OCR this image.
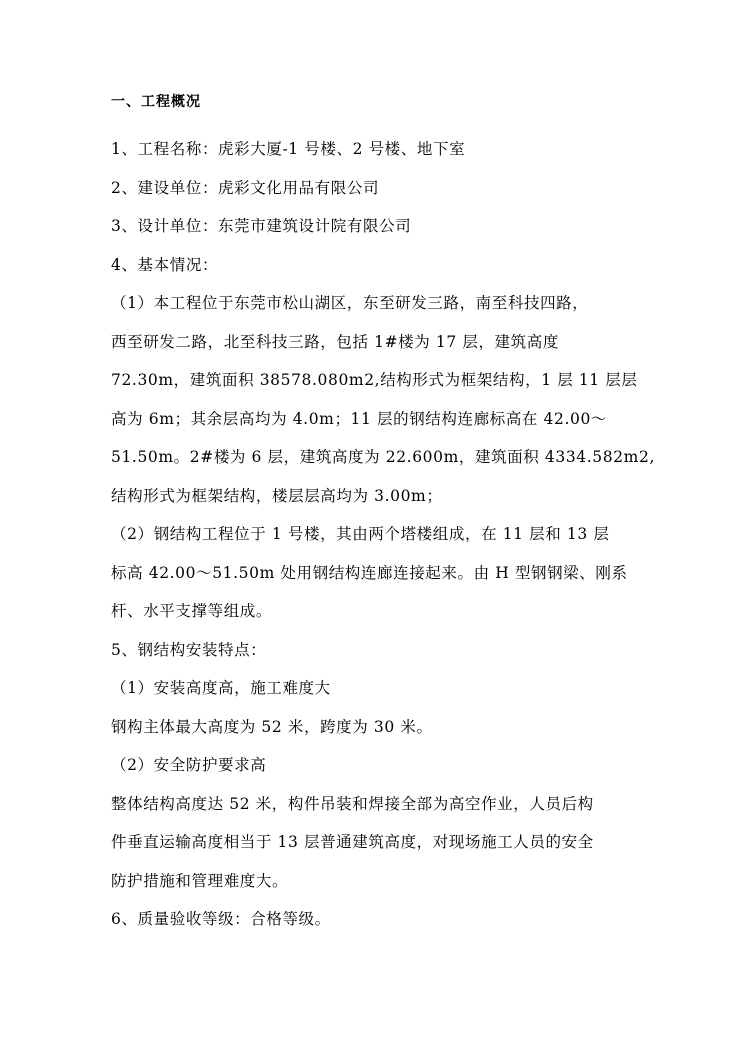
一、工程概况

1、工程名称：虎彩大厦-1 号楼、2 号楼、地下室

2、建设单位：虎彩文化用品有限公司

3、设计单位：东莞市建筑设计院有限公司

4、基本情况：

（1）本工程位于东莞市松山湖区，东至研发三路，南至科技四路，
西至研发二路，北至科技三路，包括 1#楼为 17 层，建筑高度
72.30m，建筑面积 38578.080m2,结构形式为框架结构，1 层 11 层层
高为 6m；其余层高均为 4.0m；11 层的钢结构连廊标高在 42.00～
51.50m。2#楼为 6 层，建筑高度为 22.600m，建筑面积 4334.582m2,
结构形式为框架结构，楼层层高均为 3.00m；
（2）钢结构工程位于 1 号楼，其由两个塔楼组成，在 11 层和 13 层
标高 42.00～51.50m 处用钢结构连廊连接起来。由 H 型钢钢梁、刚系
杆、水平支撑等组成。

5、钢结构安装特点：

（1）安装高度高，施工难度大

钢构主体最大高度为 52 米，跨度为 30 米。

（2）安全防护要求高

整体结构高度达 52 米，构件吊装和焊接全部为高空作业，人员后构
件垂直运输高度相当于 13 层普通建筑高度，对现场施工人员的安全
防护措施和管理难度大。

6、质量验收等级：合格等级。
